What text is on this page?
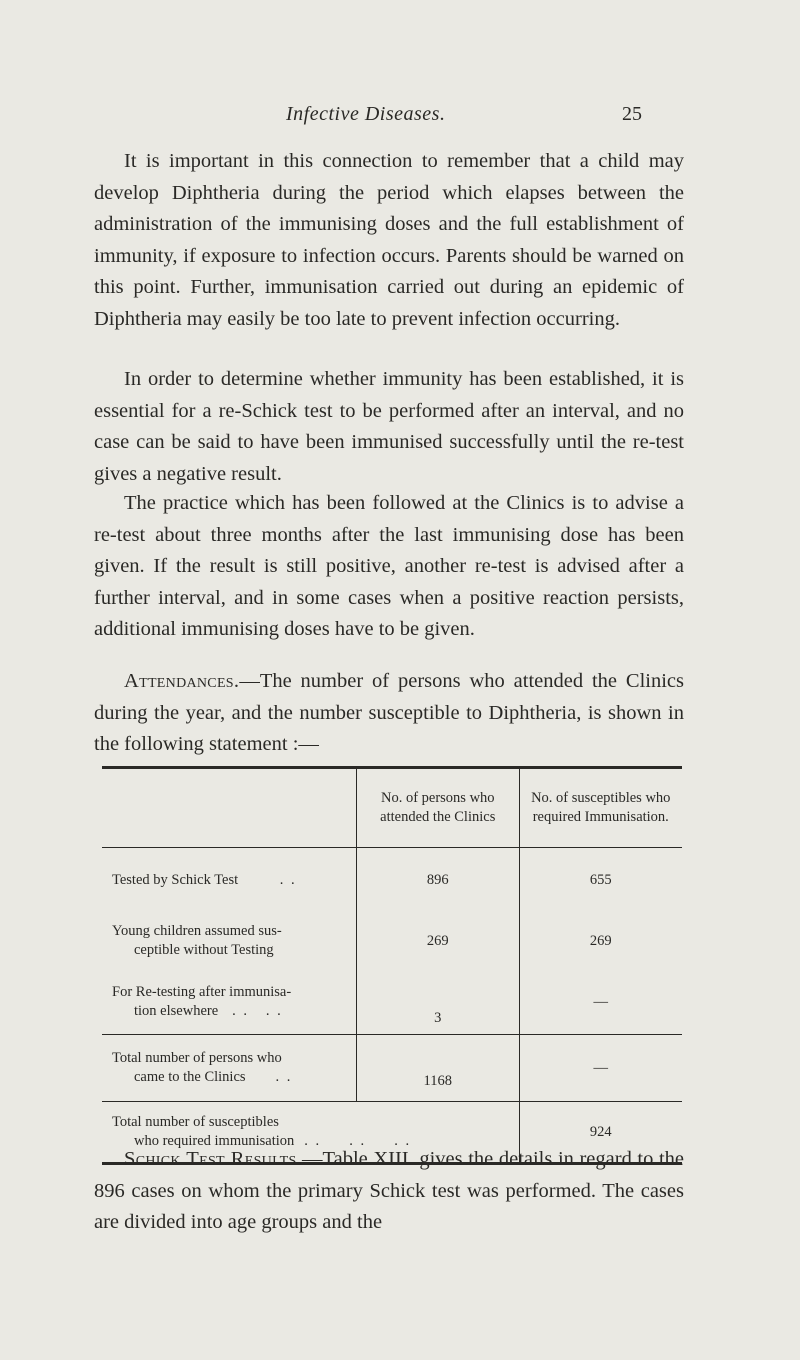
Infective Diseases.	25

It is important in this connection to remember that a child may develop Diphtheria during the period which elapses between the administration of the immunising doses and the full establishment of immunity, if exposure to infection occurs. Parents should be warned on this point. Further, immunisation carried out during an epidemic of Diphtheria may easily be too late to prevent infection occurring.

In order to determine whether immunity has been established, it is essential for a re-Schick test to be performed after an interval, and no case can be said to have been immunised successfully until the re-test gives a negative result.

The practice which has been followed at the Clinics is to advise a re-test about three months after the last immunising dose has been given. If the result is still positive, another re-test is advised after a further interval, and in some cases when a positive reaction persists, additional immunising doses have to be given.

Attendances.—The number of persons who attended the Clinics during the year, and the number susceptible to Diphtheria, is shown in the following statement :—

	No. of persons who attended the Clinics	No. of susceptibles who required Immunisation.
Tested by Schick Test . .	896	655

Young children assumed sus-
ceptible without Testing	269	269

For Re-testing after immunisa-
tion elsewhere . .   . .	3	—

Total number of persons who
came to the Clinics . .	1168	—

Total number of susceptibles
who required immunisation . .     . .     . .		924

Schick Test Results.—Table XIII. gives the details in regard to the 896 cases on whom the primary Schick test was performed. The cases are divided into age groups and the
